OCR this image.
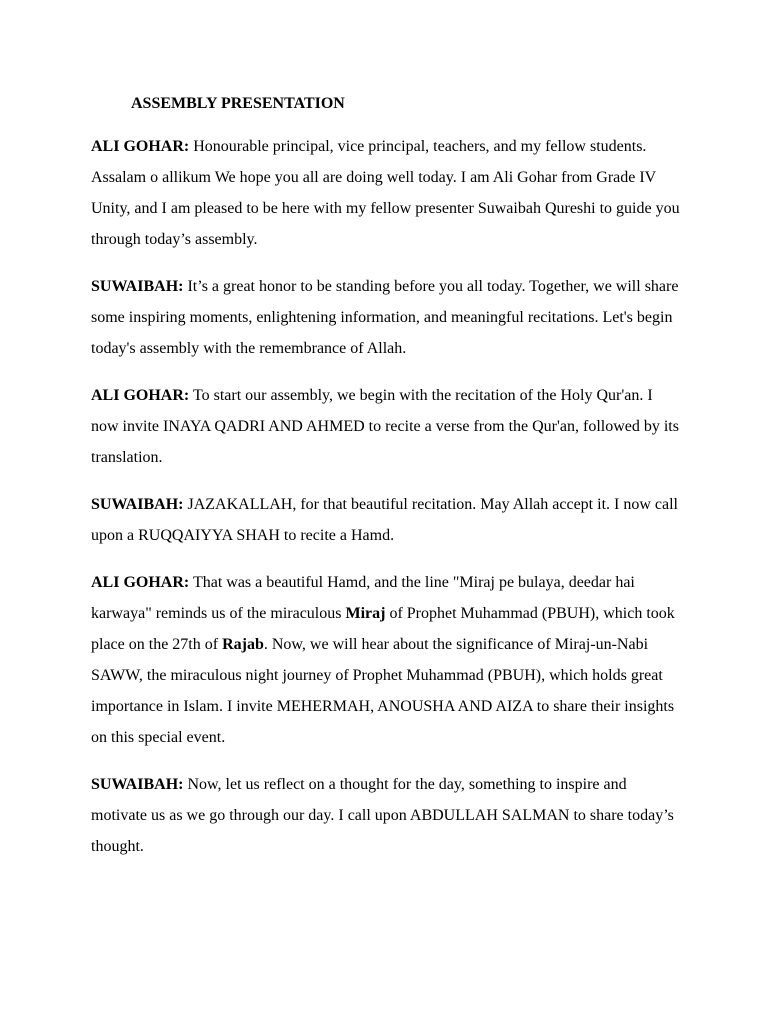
ASSEMBLY PRESENTATION

ALI GOHAR: Honourable principal, vice principal, teachers, and my fellow students. Assalam o allikum We hope you all are doing well today. I am Ali Gohar from Grade IV Unity, and I am pleased to be here with my fellow presenter Suwaibah Qureshi to guide you through today’s assembly.

SUWAIBAH: It’s a great honor to be standing before you all today. Together, we will share some inspiring moments, enlightening information, and meaningful recitations. Let's begin today's assembly with the remembrance of Allah.

ALI GOHAR: To start our assembly, we begin with the recitation of the Holy Qur'an. I now invite INAYA QADRI AND AHMED to recite a verse from the Qur'an, followed by its translation.

SUWAIBAH: JAZAKALLAH, for that beautiful recitation. May Allah accept it. I now call upon a RUQQAIYYA SHAH to recite a Hamd.

ALI GOHAR: That was a beautiful Hamd, and the line "Miraj pe bulaya, deedar hai karwaya" reminds us of the miraculous Miraj of Prophet Muhammad (PBUH), which took place on the 27th of Rajab. Now, we will hear about the significance of Miraj-un-Nabi SAWW, the miraculous night journey of Prophet Muhammad (PBUH), which holds great importance in Islam. I invite MEHERMAH, ANOUSHA AND AIZA to share their insights on this special event.

SUWAIBAH: Now, let us reflect on a thought for the day, something to inspire and motivate us as we go through our day. I call upon ABDULLAH SALMAN to share today’s thought.
